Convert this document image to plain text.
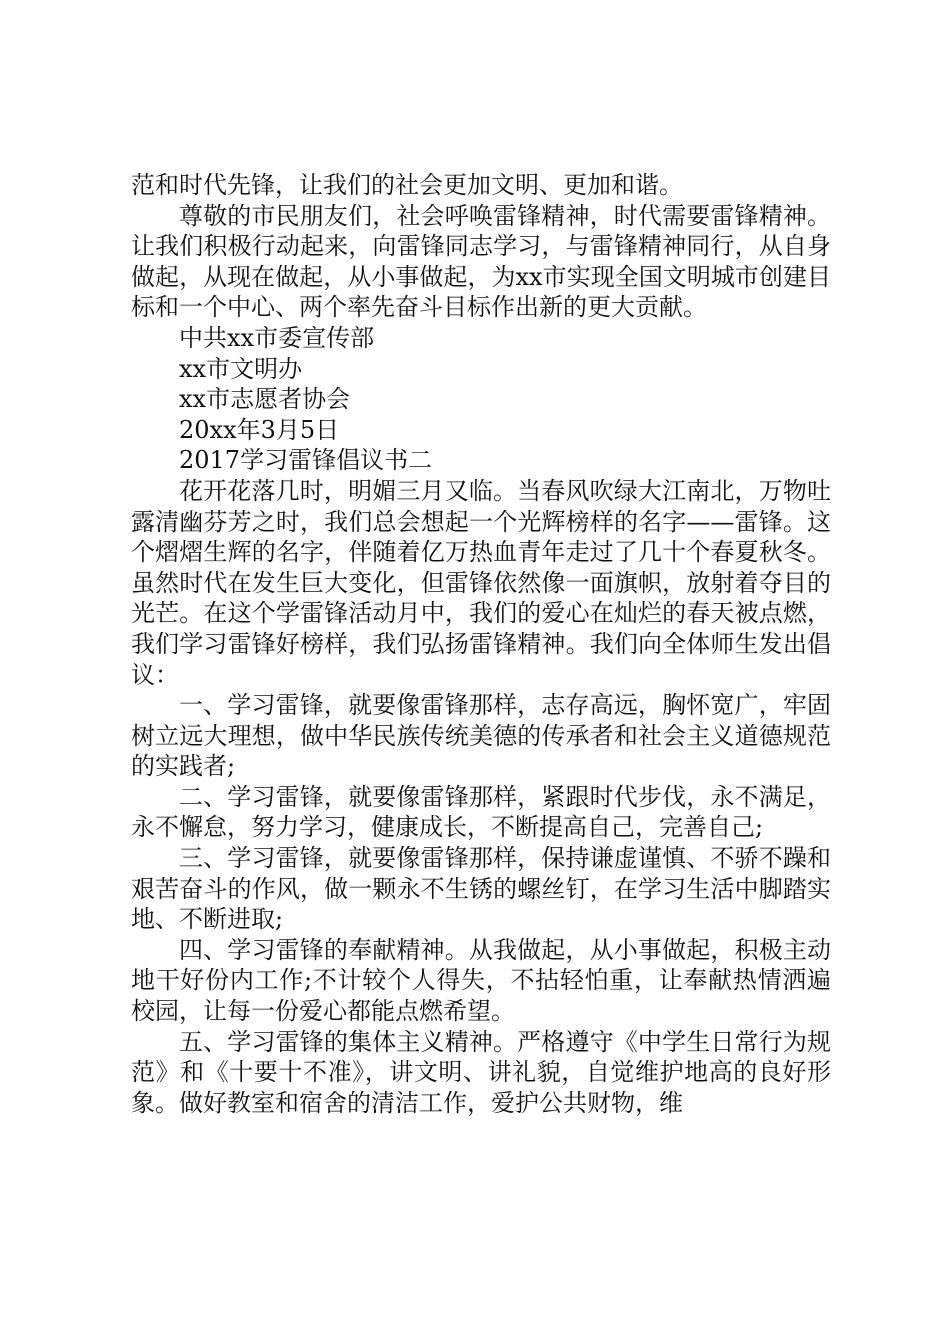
范和时代先锋，让我们的社会更加文明、更加和谐。

尊敬的市民朋友们，社会呼唤雷锋精神，时代需要雷锋精神。让我们积极行动起来，向雷锋同志学习，与雷锋精神同行，从自身做起，从现在做起，从小事做起，为xx市实现全国文明城市创建目标和一个中心、两个率先奋斗目标作出新的更大贡献。

中共xx市委宣传部

xx市文明办

xx市志愿者协会

20xx年3月5日

2017学习雷锋倡议书二

花开花落几时，明媚三月又临。当春风吹绿大江南北，万物吐露清幽芬芳之时，我们总会想起一个光辉榜样的名字——雷锋。这个熠熠生辉的名字，伴随着亿万热血青年走过了几十个春夏秋冬。虽然时代在发生巨大变化，但雷锋依然像一面旗帜，放射着夺目的光芒。在这个学雷锋活动月中，我们的爱心在灿烂的春天被点燃，我们学习雷锋好榜样，我们弘扬雷锋精神。我们向全体师生发出倡议：

一、学习雷锋，就要像雷锋那样，志存高远，胸怀宽广，牢固树立远大理想，做中华民族传统美德的传承者和社会主义道德规范的实践者;

二、学习雷锋，就要像雷锋那样，紧跟时代步伐，永不满足，永不懈怠，努力学习，健康成长，不断提高自己，完善自己;

三、学习雷锋，就要像雷锋那样，保持谦虚谨慎、不骄不躁和艰苦奋斗的作风，做一颗永不生锈的螺丝钉，在学习生活中脚踏实地、不断进取;

四、学习雷锋的奉献精神。从我做起，从小事做起，积极主动地干好份内工作;不计较个人得失，不拈轻怕重，让奉献热情洒遍校园，让每一份爱心都能点燃希望。

五、学习雷锋的集体主义精神。严格遵守《中学生日常行为规范》和《十要十不准》，讲文明、讲礼貌，自觉维护地高的良好形象。做好教室和宿舍的清洁工作，爱护公共财物，维
